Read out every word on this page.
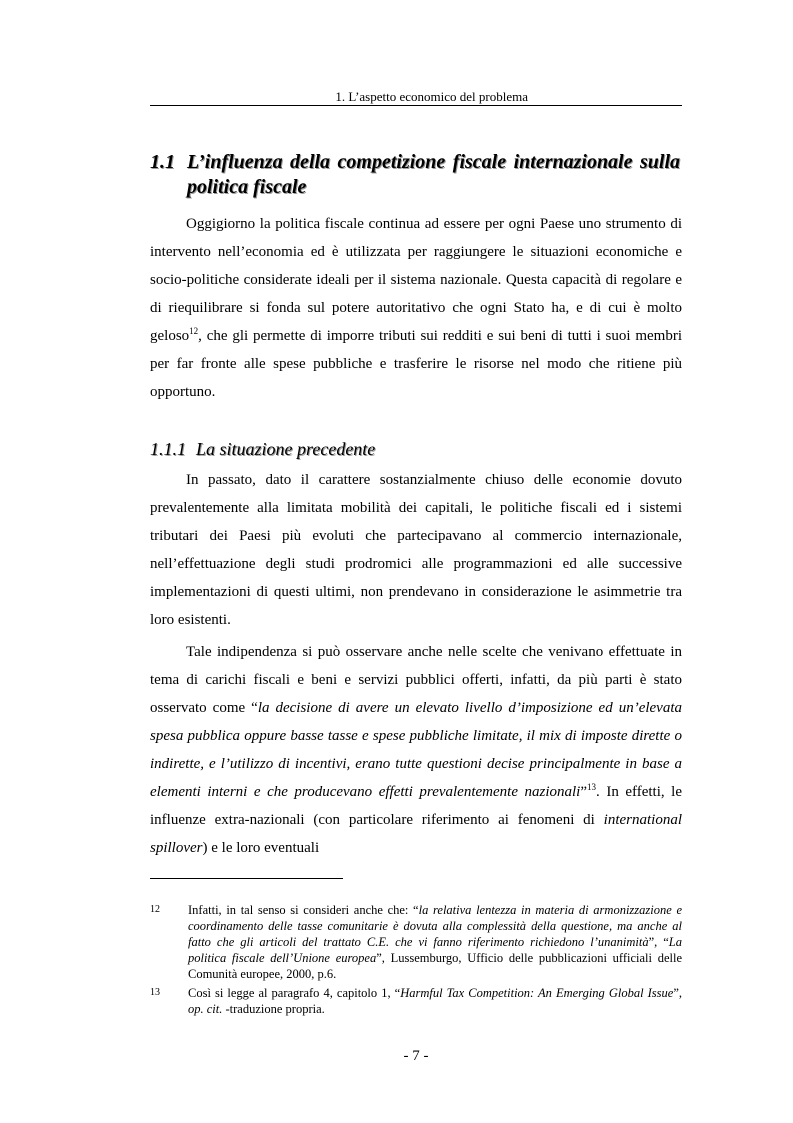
1. L’aspetto economico del problema
1.1 L’influenza della competizione fiscale internazionale sulla
politica fiscale

Oggigiorno la politica fiscale continua ad essere per ogni Paese uno strumento di intervento nell’economia ed è utilizzata per raggiungere le situazioni economiche e socio-politiche considerate ideali per il sistema nazionale. Questa capacità di regolare e di riequilibrare si fonda sul potere autoritativo che ogni Stato ha, e di cui è molto geloso$^{12}$, che gli permette di imporre tributi sui redditi e sui beni di tutti i suoi membri per far fronte alle spese pubbliche e trasferire le risorse nel modo che ritiene più opportuno.

1.1.1 La situazione precedente

In passato, dato il carattere sostanzialmente chiuso delle economie dovuto prevalentemente alla limitata mobilità dei capitali, le politiche fiscali ed i sistemi tributari dei Paesi più evoluti che partecipavano al commercio internazionale, nell’effettuazione degli studi prodromici alle programmazioni ed alle successive implementazioni di questi ultimi, non prendevano in considerazione le asimmetrie tra loro esistenti.

Tale indipendenza si può osservare anche nelle scelte che venivano effettuate in tema di carichi fiscali e beni e servizi pubblici offerti, infatti, da più parti è stato osservato come “la decisione di avere un elevato livello d’imposizione ed un’elevata spesa pubblica oppure basse tasse e spese pubbliche limitate, il mix di imposte dirette o indirette, e l’utilizzo di incentivi, erano tutte questioni decise principalmente in base a elementi interni e che producevano effetti prevalentemente nazionali”$^{13}$. In effetti, le influenze extra-nazionali (con particolare riferimento ai fenomeni di international spillover) e le loro eventuali

12 Infatti, in tal senso si consideri anche che: “la relativa lentezza in materia di armonizzazione e coordinamento delle tasse comunitarie è dovuta alla complessità della questione, ma anche al fatto che gli articoli del trattato C.E. che vi fanno riferimento richiedono l’unanimità”, “La politica fiscale dell’Unione europea”, Lussemburgo, Ufficio delle pubblicazioni ufficiali delle Comunità europee, 2000, p.6.
13 Così si legge al paragrafo 4, capitolo 1, “Harmful Tax Competition: An Emerging Global Issue”, op. cit. -traduzione propria.
- 7 -
